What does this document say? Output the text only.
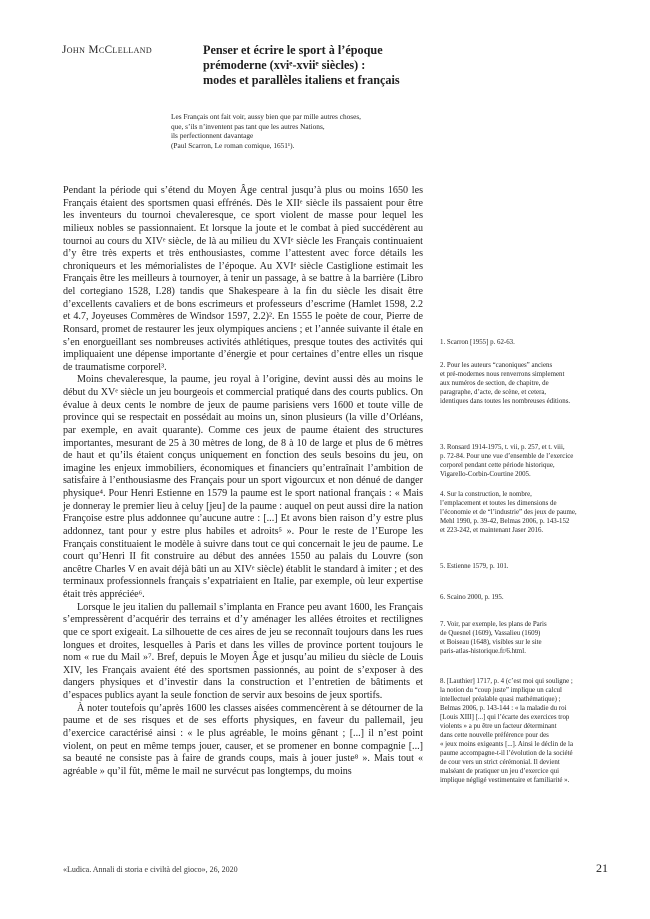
John McClelland	Penser et écrire le sport à l’époque
prémoderne (xviᵉ-xviiᵉ siècles) :
modes et parallèles italiens et français
Les Français ont fait voir, aussy bien que par mille autres choses,
que, s’ils n’inventent pas tant que les autres Nations,
ils perfectionnent davantage
(Paul Scarron, Le roman comique, 1651¹).

Pendant la période qui s’étend du Moyen Âge central jusqu’à plus ou moins 1650 les Français étaient des sportsmen quasi effrénés. Dès le XIIᵉ siècle ils passaient pour être les inventeurs du tournoi chevaleresque, ce sport violent de masse pour lequel les milieux nobles se passionnaient. Et lorsque la joute et le combat à pied succédèrent au tournoi au cours du XIVᵉ siècle, de là au milieu du XVIᵉ siècle les Français continuaient d’y être très experts et très enthousiastes, comme l’attestent avec force détails les chroniqueurs et les mémorialistes de l’époque. Au XVIᵉ siècle Castiglione estimait les Français être les meilleurs à tournoyer, à tenir un passage, à se battre à la barrière (Libro del cortegiano 1528, I.28) tandis que Shakespeare à la fin du siècle les disait être d’excellents cavaliers et de bons escrimeurs et professeurs d’escrime (Hamlet 1598, 2.2 et 4.7, Joyeuses Commères de Windsor 1597, 2.2)². En 1555 le poète de cour, Pierre de Ronsard, promet de restaurer les jeux olympiques anciens ; et l’année suivante il étale en s’en enorgueillant ses nombreuses activités athlétiques, presque toutes des activités qui impliquaient une dépense importante d’énergie et pour certaines d’entre elles un risque de traumatisme corporel³.

Moins chevaleresque, la paume, jeu royal à l’origine, devint aussi dès au moins le début du XVᵉ siècle un jeu bourgeois et commercial pratiqué dans des courts publics. On évalue à deux cents le nombre de jeux de paume parisiens vers 1600 et toute ville de province qui se respectait en possédait au moins un, sinon plusieurs (la ville d’Orléans, par exemple, en avait quarante). Comme ces jeux de paume étaient des structures importantes, mesurant de 25 à 30 mètres de long, de 8 à 10 de large et plus de 6 mètres de haut et qu’ils étaient conçus uniquement en fonction des seuls besoins du jeu, on imagine les enjeux immobiliers, économiques et financiers qu’entraînait l’ambition de satisfaire à l’enthousiasme des Français pour un sport vigourcux et non dénué de danger physique⁴. Pour Henri Estienne en 1579 la paume est le sport national français : « Mais je donneray le premier lieu à celuy [jeu] de la paume : auquel on peut aussi dire la nation Françoise estre plus addonnee qu’aucune autre : [...] Et avons bien raison d’y estre plus addonnez, tant pour y estre plus habiles et adroits⁵ ». Pour le reste de l’Europe les Français constituaient le modèle à suivre dans tout ce qui concernait le jeu de paume. Le court qu’Henri II fit construire au début des années 1550 au palais du Louvre (son ancêtre Charles V en avait déjà bâti un au XIVᵉ siècle) établit le standard à imiter ; et des terminaux professionnels français s’expatriaient en Italie, par exemple, où leur expertise était très appréciée⁶.

Lorsque le jeu italien du pallemail s’implanta en France peu avant 1600, les Français s’empressèrent d’acquérir des terrains et d’y aménager les allées étroites et rectilignes que ce sport exigeait. La silhouette de ces aires de jeu se reconnaît toujours dans les rues longues et droites, lesquelles à Paris et dans les villes de province portent toujours le nom « rue du Mail »⁷. Bref, depuis le Moyen Âge et jusqu’au milieu du siècle de Louis XIV, les Français avaient été des sportsmen passionnés, au point de s’exposer à des dangers physiques et d’investir dans la construction et l’entretien de bâtiments et d’espaces publics ayant la seule fonction de servir aux besoins de jeux sportifs.

À noter toutefois qu’après 1600 les classes aisées commencèrent à se détourner de la paume et de ses risques et de ses efforts physiques, en faveur du pallemail, jeu d’exercice caractérisé ainsi : « le plus agréable, le moins gênant ; [...] il n’est point violent, on peut en même temps jouer, causer, et se promener en bonne compagnie [...] sa beauté ne consiste pas à faire de grands coups, mais à jouer juste⁸ ». Mais tout « agréable » qu’il fût, même le mail ne survécut pas longtemps, du moins

1. Scarron [1955] p. 62-63.
2. Pour les auteurs “canoniques” anciens
et pré-modernes nous renverrons simplement
aux numéros de section, de chapitre, de
paragraphe, d’acte, de scène, et cetera,
identiques dans toutes les nombreuses éditions.
3. Ronsard 1914-1975, t. vii, p. 257, et t. viii,
p. 72-84. Pour une vue d’ensemble de l’exercice
corporel pendant cette période historique,
Vigarello-Corbin-Courtine 2005.
4. Sur la construction, le nombre,
l’emplacement et toutes les dimensions de
l’économie et de “l’industrie” des jeux de paume,
Mehl 1990, p. 39-42, Belmas 2006, p. 143-152
et 223-242, et maintenant Jaser 2016.
5. Estienne 1579, p. 101.
6. Scaino 2000, p. 195.
7. Voir, par exemple, les plans de Paris
de Quesnel (1609), Vassalieu (1609)
et Boiseau (1648), visibles sur le site
paris-atlas-historique.fr/6.html.
8. [Lauthier] 1717, p. 4 (c’est moi qui souligne ;
la notion du “coup juste” implique un calcul
intellectuel préalable quasi mathématique) ;
Belmas 2006, p. 143-144 : « la maladie du roi
[Louis XIII] [...] qui l’écarte des exercices trop
violents » a pu être un facteur déterminant
dans cette nouvelle préférence pour des
« jeux moins exigeants [...]. Ainsi le déclin de la
paume accompagne-t-il l’évolution de la société
de cour vers un strict cérémonial. Il devient
malséant de pratiquer un jeu d’exercice qui
implique négligé vestimentaire et familiarité ».
«Ludica. Annali di storia e civiltà del gioco», 26, 2020	21
